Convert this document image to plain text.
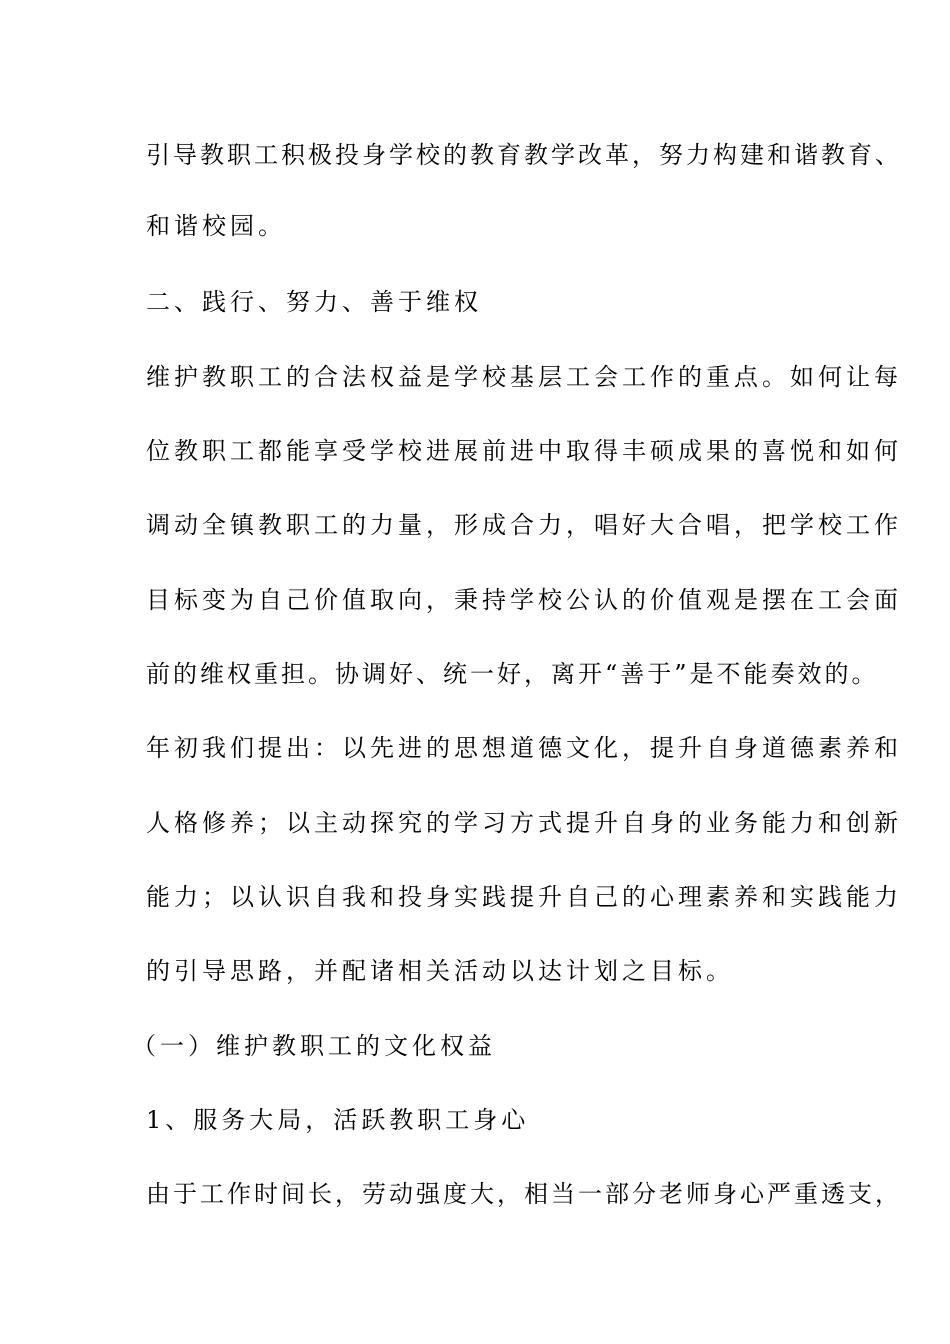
引导教职工积极投身学校的教育教学改革，努力构建和谐教育、
和谐校园。
二、践行、努力、善于维权
维护教职工的合法权益是学校基层工会工作的重点。如何让每
位教职工都能享受学校进展前进中取得丰硕成果的喜悦和如何
调动全镇教职工的力量，形成合力，唱好大合唱，把学校工作
目标变为自己价值取向，秉持学校公认的价值观是摆在工会面
前的维权重担。协调好、统一好，离开“善于”是不能奏效的。
年初我们提出：以先进的思想道德文化，提升自身道德素养和
人格修养；以主动探究的学习方式提升自身的业务能力和创新
能力；以认识自我和投身实践提升自己的心理素养和实践能力
的引导思路，并配诸相关活动以达计划之目标。
（一）维护教职工的文化权益
1、服务大局，活跃教职工身心
由于工作时间长，劳动强度大，相当一部分老师身心严重透支，
